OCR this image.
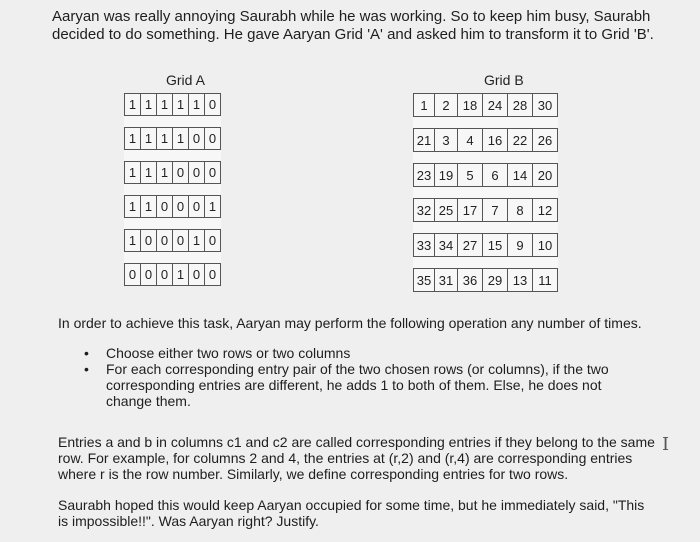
Aaryan was really annoying Saurabh while he was working. So to keep him busy, Saurabh decided to do something. He gave Aaryan Grid 'A' and asked him to transform it to Grid 'B'.
Grid A
1	1	1	1	1	0

1	1	1	1	0	0

1	1	1	0	0	0

1	1	0	0	0	1

1	0	0	0	1	0

0	0	0	1	0	0
Grid B
1	2	18	24	28	30

21	3	4	16	22	26

23	19	5	6	14	20

32	25	17	7	8	12

33	34	27	15	9	10

35	31	36	29	13	11
In order to achieve this task, Aaryan may perform the following operation any number of times.
• Choose either two rows or two columns
• For each corresponding entry pair of the two chosen rows (or columns), if the two corresponding entries are different, he adds 1 to both of them. Else, he does not change them.
Entries a and b in columns c1 and c2 are called corresponding entries if they belong to the same row. For example, for columns 2 and 4, the entries at (r,2) and (r,4) are corresponding entries where r is the row number. Similarly, we define corresponding entries for two rows.
Saurabh hoped this would keep Aaryan occupied for some time, but he immediately said, "This is impossible!!". Was Aaryan right? Justify.
I
